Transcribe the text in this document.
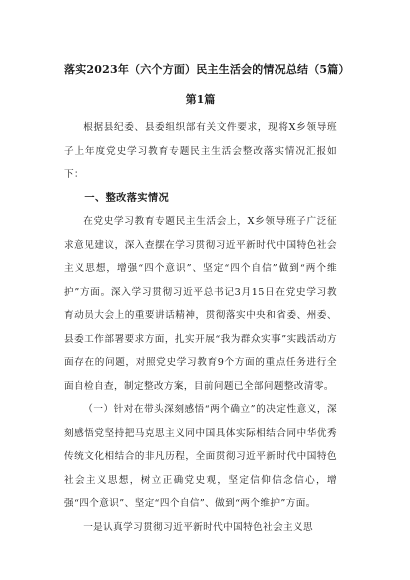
落实2023年（六个方面）民主生活会的情况总结（5篇）

第1篇

根据县纪委、县委组织部有关文件要求，现将X乡领导班子上年度党史学习教育专题民主生活会整改落实情况汇报如下：

一、整改落实情况

在党史学习教育专题民主生活会上，X乡领导班子广泛征求意见建议，深入查摆在学习贯彻习近平新时代中国特色社会主义思想，增强“四个意识”、坚定“四个自信”做到“两个维护”方面。深入学习贯彻习近平总书记3月15日在党史学习教育动员大会上的重要讲话精神，贯彻落实中央和省委、州委、县委工作部署要求方面，扎实开展“我为群众实事”实践活动方面存在的问题，对照党史学习教育9个方面的重点任务进行全面自检自查，制定整改方案，目前问题已全部问题整改清零。

（一）针对在带头深刻感悟“两个确立”的决定性意义，深刻感悟党坚持把马克思主义同中国具体实际相结合同中华优秀传统文化相结合的非凡历程，全面贯彻习近平新时代中国特色社会主义思想，树立正确党史观，坚定信仰信念信心，增强“四个意识”、坚定“四个自信”、做到“两个维护”方面。

一是认真学习贯彻习近平新时代中国特色社会主义思
